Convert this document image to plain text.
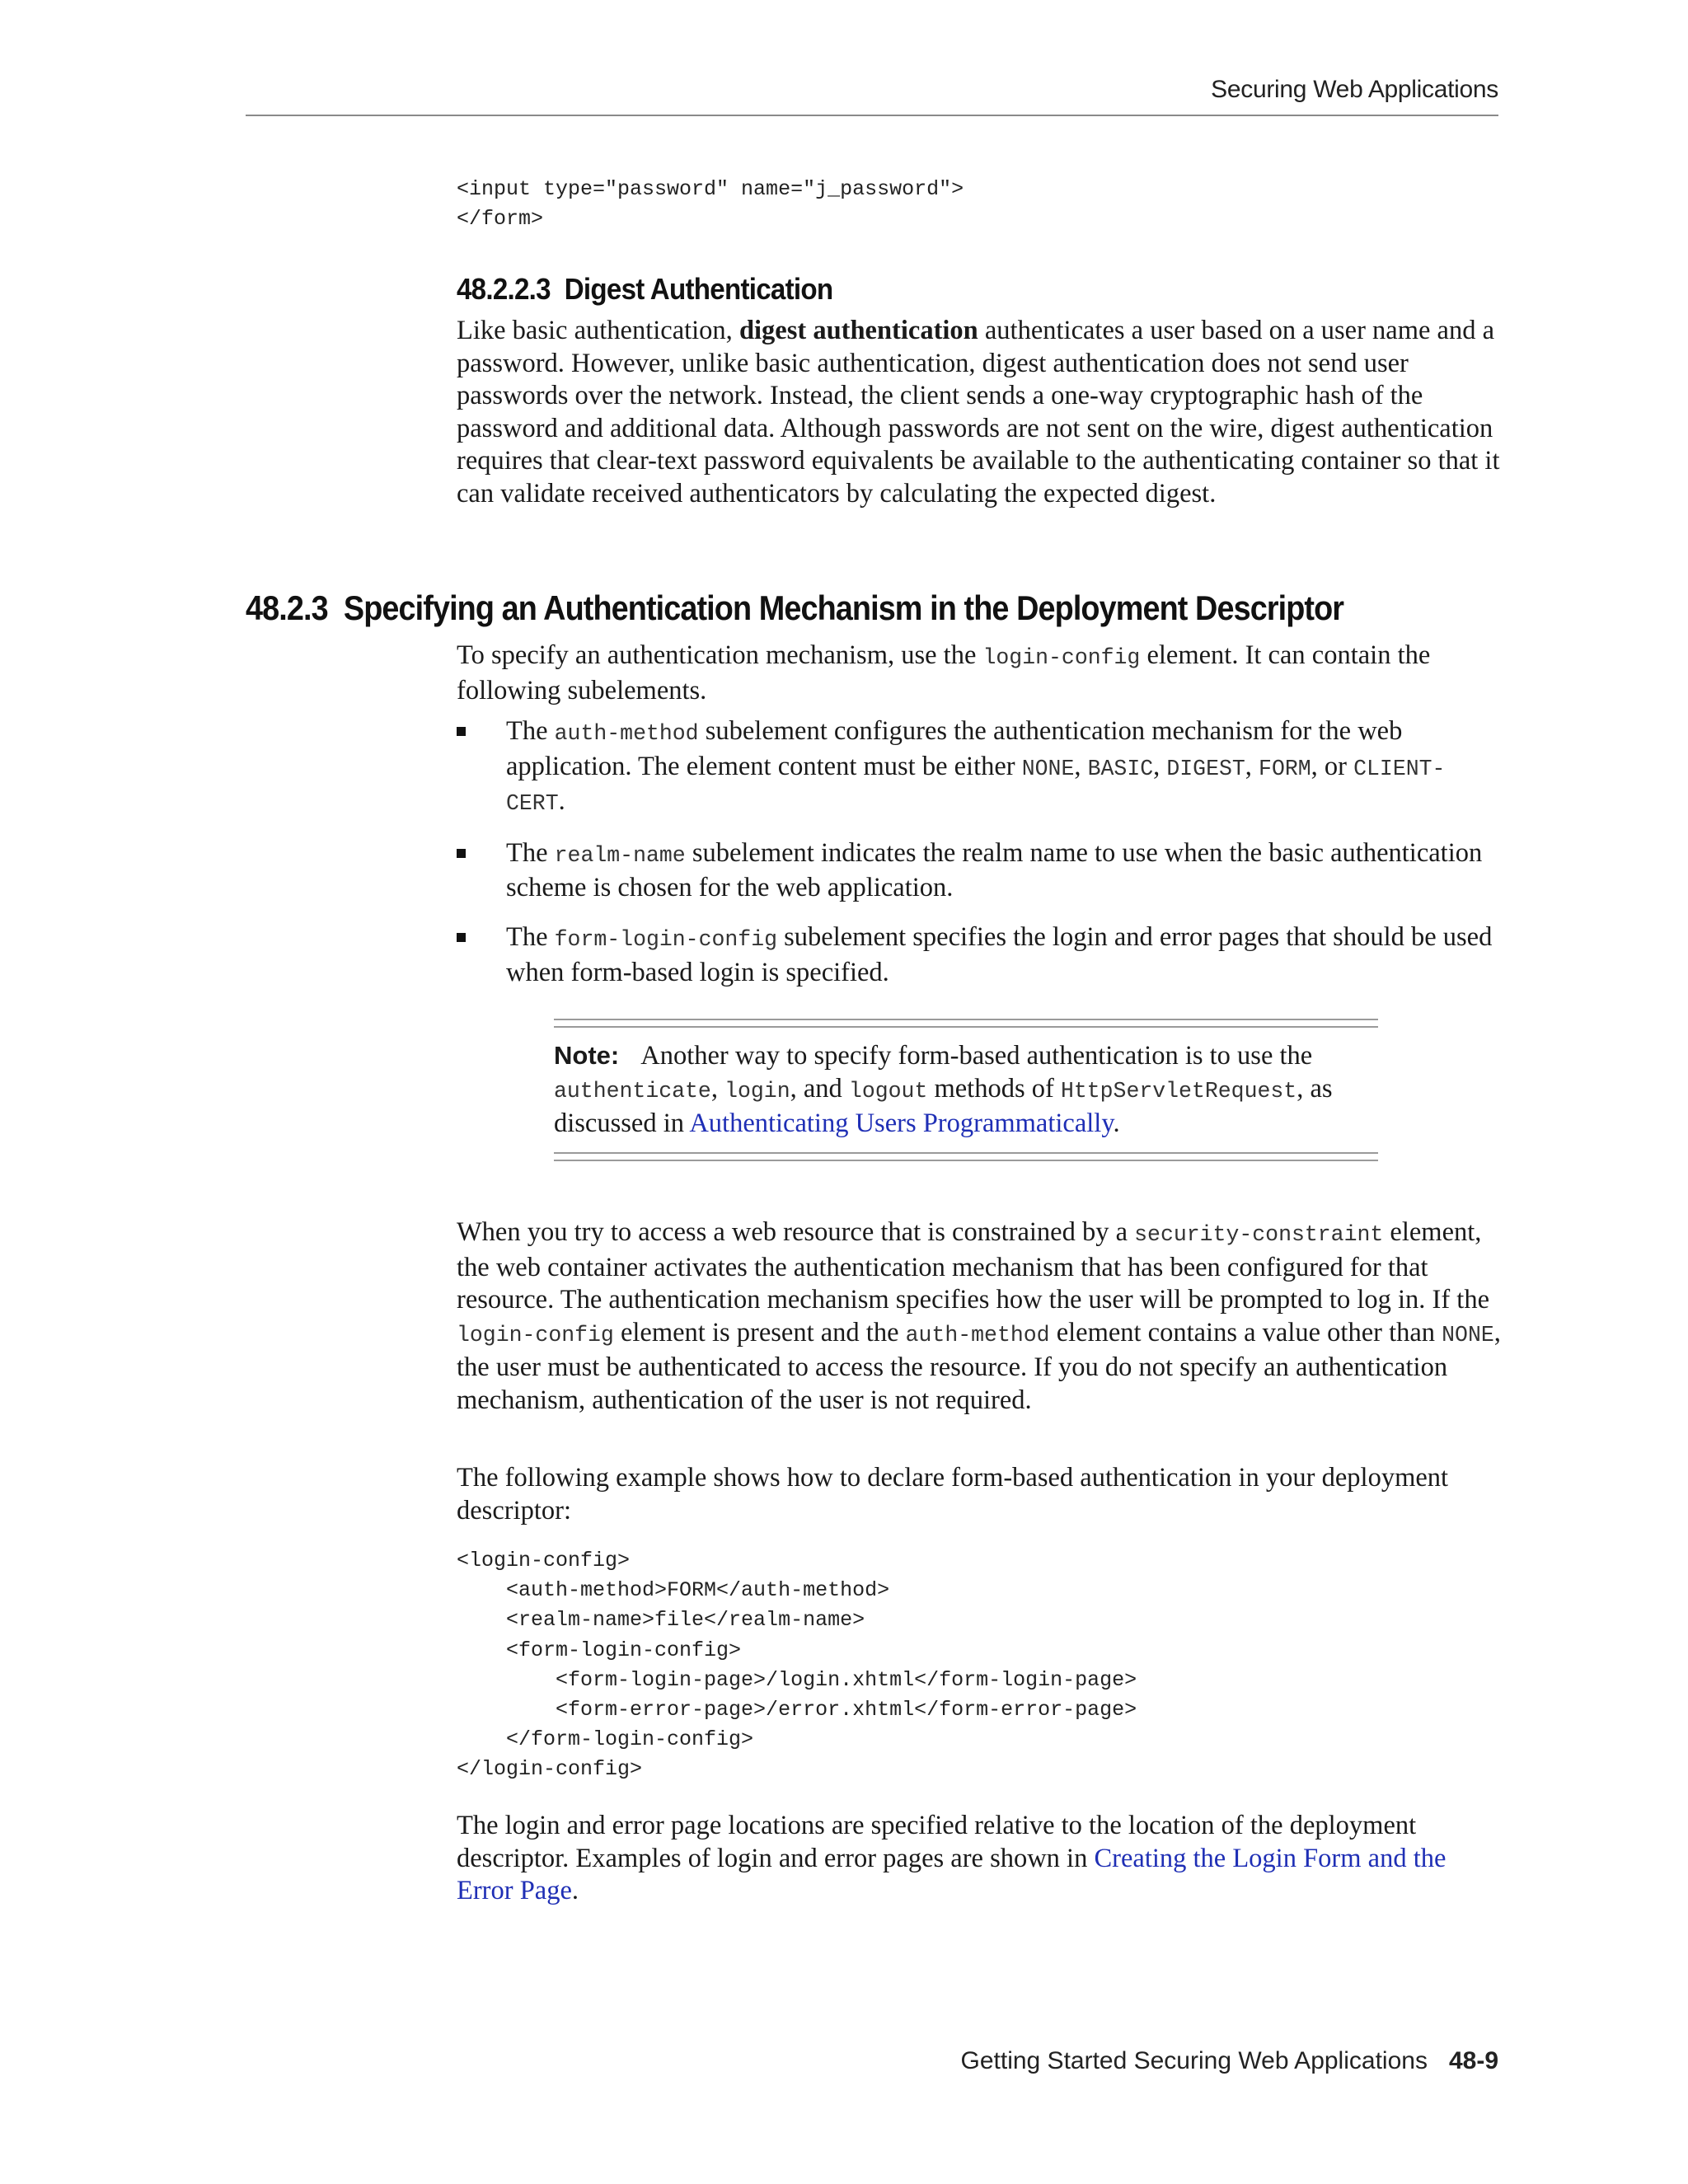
Securing Web Applications
<input type="password" name="j_password">
</form>
48.2.2.3 Digest Authentication

Like basic authentication, digest authentication authenticates a user based on a user name and a password. However, unlike basic authentication, digest authentication does not send user passwords over the network. Instead, the client sends a one-way cryptographic hash of the password and additional data. Although passwords are not sent on the wire, digest authentication requires that clear-text password equivalents be available to the authenticating container so that it can validate received authenticators by calculating the expected digest.

48.2.3 Specifying an Authentication Mechanism in the Deployment Descriptor

To specify an authentication mechanism, use the login-config element. It can contain the following subelements.

The auth-method subelement configures the authentication mechanism for the web application. The element content must be either NONE, BASIC, DIGEST, FORM, or CLIENT-CERT.
The realm-name subelement indicates the realm name to use when the basic authentication scheme is chosen for the web application.
The form-login-config subelement specifies the login and error pages that should be used when form-based login is specified.
Note: Another way to specify form-based authentication is to use the authenticate, login, and logout methods of HttpServletRequest, as discussed in Authenticating Users Programmatically.

When you try to access a web resource that is constrained by a security-constraint element, the web container activates the authentication mechanism that has been configured for that resource. The authentication mechanism specifies how the user will be prompted to log in. If the login-config element is present and the auth-method element contains a value other than NONE, the user must be authenticated to access the resource. If you do not specify an authentication mechanism, authentication of the user is not required.

The following example shows how to declare form-based authentication in your deployment descriptor:

<login-config>
<auth-method>FORM</auth-method>
<realm-name>file</realm-name>
<form-login-config>
<form-login-page>/login.xhtml</form-login-page>
<form-error-page>/error.xhtml</form-error-page>
</form-login-config>
</login-config>

The login and error page locations are specified relative to the location of the deployment descriptor. Examples of login and error pages are shown in Creating the Login Form and the Error Page.

Getting Started Securing Web Applications 48-9
